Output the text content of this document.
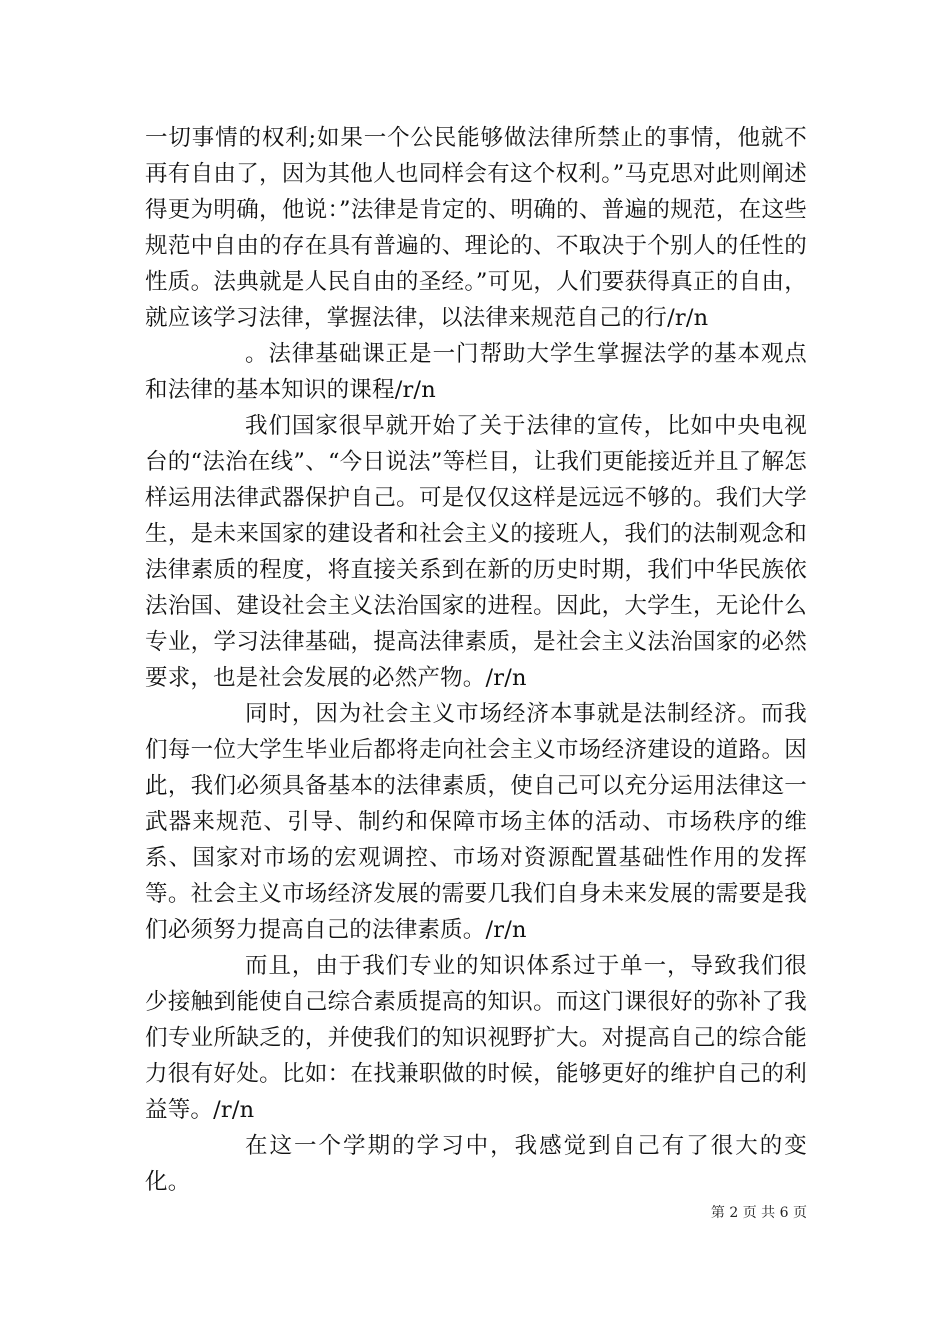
一切事情的权利;如果一个公民能够做法律所禁止的事情，他就不再有自由了，因为其他人也同样会有这个权利。”马克思对此则阐述得更为明确，他说：”法律是肯定的、明确的、普遍的规范，在这些规范中自由的存在具有普遍的、理论的、不取决于个别人的任性的性质。法典就是人民自由的圣经。”可见，人们要获得真正的自由，就应该学习法律，掌握法律，以法律来规范自己的行/r/n

。法律基础课正是一门帮助大学生掌握法学的基本观点和法律的基本知识的课程/r/n

我们国家很早就开始了关于法律的宣传，比如中央电视台的“法治在线”、“今日说法”等栏目，让我们更能接近并且了解怎样运用法律武器保护自己。可是仅仅这样是远远不够的。我们大学生，是未来国家的建设者和社会主义的接班人，我们的法制观念和法律素质的程度，将直接关系到在新的历史时期，我们中华民族依法治国、建设社会主义法治国家的进程。因此，大学生，无论什么专业，学习法律基础，提高法律素质，是社会主义法治国家的必然要求，也是社会发展的必然产物。/r/n

同时，因为社会主义市场经济本事就是法制经济。而我们每一位大学生毕业后都将走向社会主义市场经济建设的道路。因此，我们必须具备基本的法律素质，使自己可以充分运用法律这一武器来规范、引导、制约和保障市场主体的活动、市场秩序的维系、国家对市场的宏观调控、市场对资源配置基础性作用的发挥等。社会主义市场经济发展的需要几我们自身未来发展的需要是我们必须努力提高自己的法律素质。/r/n

而且，由于我们专业的知识体系过于单一，导致我们很少接触到能使自己综合素质提高的知识。而这门课很好的弥补了我们专业所缺乏的，并使我们的知识视野扩大。对提高自己的综合能力很有好处。比如：在找兼职做的时候，能够更好的维护自己的利益等。/r/n

在这一个学期的学习中，我感觉到自己有了很大的变化。

第 2 页 共 6 页
